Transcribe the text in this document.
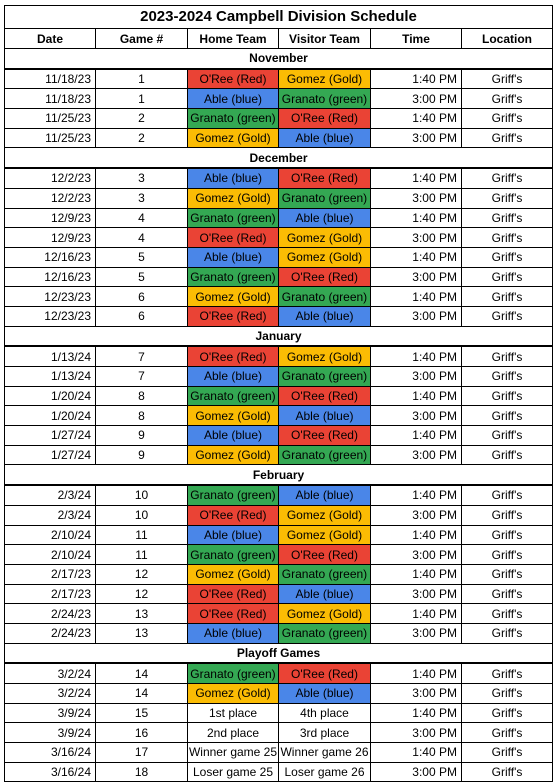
2023-2024 Campbell Division Schedule					
Date	Game #	Home Team	Visitor Team	Time	Location
November					
11/18/23	1	O'Ree (Red)	Gomez (Gold)	1:40 PM	Griff's
11/18/23	1	Able (blue)	Granato (green)	3:00 PM	Griff's
11/25/23	2	Granato (green)	O'Ree (Red)	1:40 PM	Griff's
11/25/23	2	Gomez (Gold)	Able (blue)	3:00 PM	Griff's
December					
12/2/23	3	Able (blue)	O'Ree (Red)	1:40 PM	Griff's
12/2/23	3	Gomez (Gold)	Granato (green)	3:00 PM	Griff's
12/9/23	4	Granato (green)	Able (blue)	1:40 PM	Griff's
12/9/23	4	O'Ree (Red)	Gomez (Gold)	3:00 PM	Griff's
12/16/23	5	Able (blue)	Gomez (Gold)	1:40 PM	Griff's
12/16/23	5	Granato (green)	O'Ree (Red)	3:00 PM	Griff's
12/23/23	6	Gomez (Gold)	Granato (green)	1:40 PM	Griff's
12/23/23	6	O'Ree (Red)	Able (blue)	3:00 PM	Griff's
January					
1/13/24	7	O'Ree (Red)	Gomez (Gold)	1:40 PM	Griff's
1/13/24	7	Able (blue)	Granato (green)	3:00 PM	Griff's
1/20/24	8	Granato (green)	O'Ree (Red)	1:40 PM	Griff's
1/20/24	8	Gomez (Gold)	Able (blue)	3:00 PM	Griff's
1/27/24	9	Able (blue)	O'Ree (Red)	1:40 PM	Griff's
1/27/24	9	Gomez (Gold)	Granato (green)	3:00 PM	Griff's
February					
2/3/24	10	Granato (green)	Able (blue)	1:40 PM	Griff's
2/3/24	10	O'Ree (Red)	Gomez (Gold)	3:00 PM	Griff's
2/10/24	11	Able (blue)	Gomez (Gold)	1:40 PM	Griff's
2/10/24	11	Granato (green)	O'Ree (Red)	3:00 PM	Griff's
2/17/23	12	Gomez (Gold)	Granato (green)	1:40 PM	Griff's
2/17/23	12	O'Ree (Red)	Able (blue)	3:00 PM	Griff's
2/24/23	13	O'Ree (Red)	Gomez (Gold)	1:40 PM	Griff's
2/24/23	13	Able (blue)	Granato (green)	3:00 PM	Griff's
Playoff Games					
3/2/24	14	Granato (green)	O'Ree (Red)	1:40 PM	Griff's
3/2/24	14	Gomez (Gold)	Able (blue)	3:00 PM	Griff's
3/9/24	15	1st place	4th place	1:40 PM	Griff's
3/9/24	16	2nd place	3rd place	3:00 PM	Griff's
3/16/24	17	Winner game 25	Winner game 26	1:40 PM	Griff's
3/16/24	18	Loser game 25	Loser game 26	3:00 PM	Griff's
